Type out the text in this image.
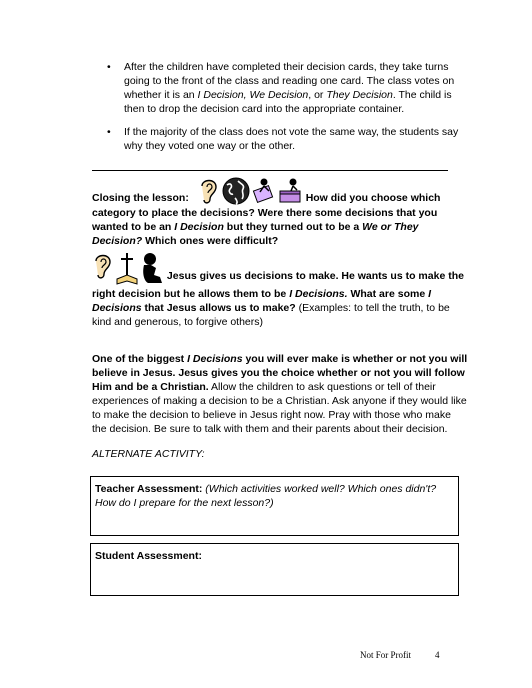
• After the children have completed their decision cards, they take turns going to the front of the class and reading one card. The class votes on whether it is an I Decision, We Decision, or They Decision. The child is then to drop the decision card into the appropriate container.
• If the majority of the class does not vote the same way, the students say why they voted one way or the other.
Closing the lesson:	How did you choose which category to place the decisions? Were there some decisions that you wanted to be an I Decision but they turned out to be a We or They Decision? Which ones were difficult?
Jesus gives us decisions to make. He wants us to make the right decision but he allows them to be I Decisions. What are some I Decisions that Jesus allows us to make? (Examples: to tell the truth, to be kind and generous, to forgive others)
One of the biggest I Decisions you will ever make is whether or not you will believe in Jesus. Jesus gives you the choice whether or not you will follow Him and be a Christian. Allow the children to ask questions or tell of their experiences of making a decision to be a Christian. Ask anyone if they would like to make the decision to believe in Jesus right now. Pray with those who make the decision. Be sure to talk with them and their parents about their decision.
ALTERNATE ACTIVITY:
Teacher Assessment: (Which activities worked well? Which ones didn't? How do I prepare for the next lesson?)
Student Assessment:
Not For Profit	4
